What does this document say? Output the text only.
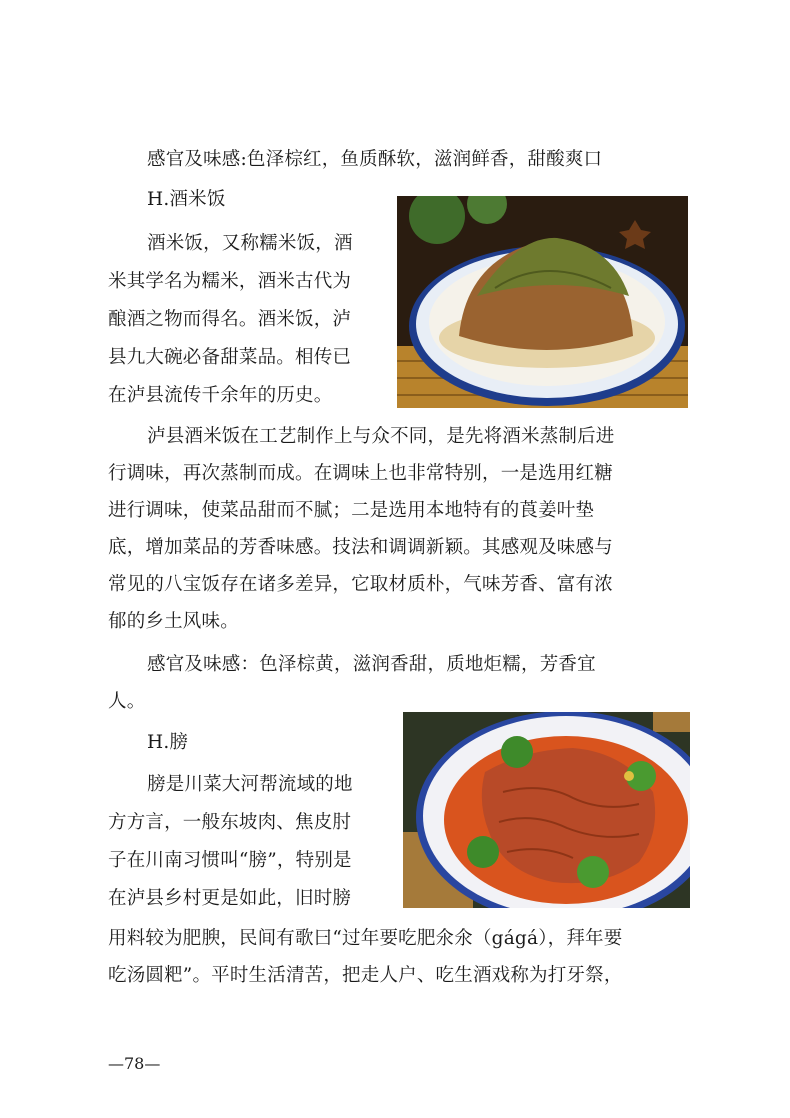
感官及味感:色泽棕红，鱼质酥软，滋润鲜香，甜酸爽口
H.酒米饭
酒米饭，又称糯米饭，酒
米其学名为糯米，酒米古代为
酿酒之物而得名。酒米饭，泸
县九大碗必备甜菜品。相传已
在泸县流传千余年的历史。
泸县酒米饭在工艺制作上与众不同，是先将酒米蒸制后进
行调味，再次蒸制而成。在调味上也非常特别，一是选用红糖
进行调味，使菜品甜而不腻；二是选用本地特有的莨姜叶垫
底，增加菜品的芳香味感。技法和调调新颖。其感观及味感与
常见的八宝饭存在诸多差异，它取材质朴，气味芳香、富有浓
郁的乡土风味。
感官及味感：色泽棕黄，滋润香甜，质地炬糯，芳香宜
人。
H.膀
膀是川菜大河帮流域的地
方方言，一般东坡肉、焦皮肘
子在川南习惯叫“膀”，特别是
在泸县乡村更是如此，旧时膀
用料较为肥腴，民间有歌曰“过年要吃肥氽氽（gágá），拜年要
吃汤圆粑”。平时生活清苦，把走人户、吃生酒戏称为打牙祭，
—78—
